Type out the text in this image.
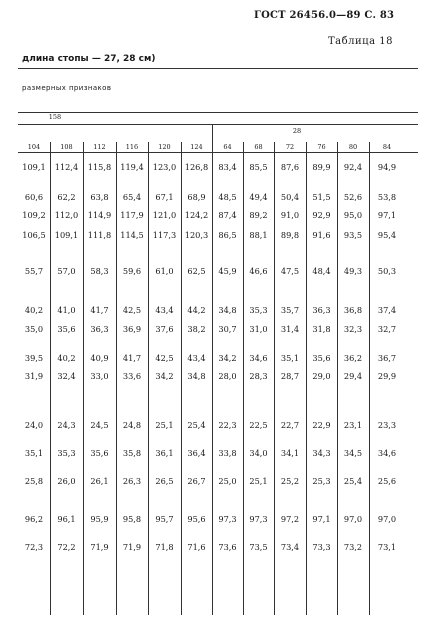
ГОСТ 26456.0—89 С. 83
Таблица 18
длина стопы — 27, 28 см)
размерных признаков
158
28
104	108	112	116	120	124	64	68	72	76	80	84
109,1	112,4	115,8	119,4	123,0	126,8	83,4	85,5	87,6	89,9	92,4	94,9
60,6	62,2	63,8	65,4	67,1	68,9	48,5	49,4	50,4	51,5	52,6	53,8
109,2	112,0	114,9	117,9	121,0	124,2	87,4	89,2	91,0	92,9	95,0	97,1
106,5	109,1	111,8	114,5	117,3	120,3	86,5	88,1	89,8	91,6	93,5	95,4
55,7	57,0	58,3	59,6	61,0	62,5	45,9	46,6	47,5	48,4	49,3	50,3
40,2	41,0	41,7	42,5	43,4	44,2	34,8	35,3	35,7	36,3	36,8	37,4
35,0	35,6	36,3	36,9	37,6	38,2	30,7	31,0	31,4	31,8	32,3	32,7
39,5	40,2	40,9	41,7	42,5	43,4	34,2	34,6	35,1	35,6	36,2	36,7
31,9	32,4	33,0	33,6	34,2	34,8	28,0	28,3	28,7	29,0	29,4	29,9
24,0	24,3	24,5	24,8	25,1	25,4	22,3	22,5	22,7	22,9	23,1	23,3
35,1	35,3	35,6	35,8	36,1	36,4	33,8	34,0	34,1	34,3	34,5	34,6
25,8	26,0	26,1	26,3	26,5	26,7	25,0	25,1	25,2	25,3	25,4	25,6
96,2	96,1	95,9	95,8	95,7	95,6	97,3	97,3	97,2	97,1	97,0	97,0
72,3	72,2	71,9	71,9	71,8	71,6	73,6	73,5	73,4	73,3	73,2	73,1
